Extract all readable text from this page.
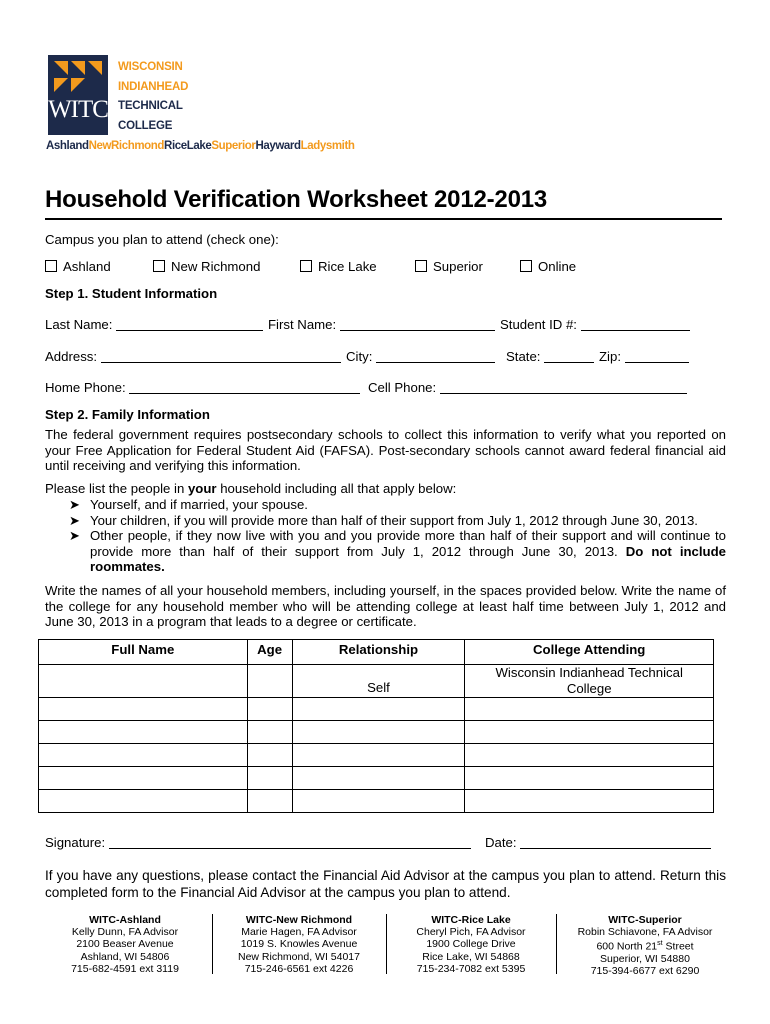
WITC
WISCONSIN
INDIANHEAD
TECHNICAL
COLLEGE
AshlandNewRichmondRiceLakeSuperiorHaywardLadysmith
Household Verification Worksheet 2012-2013
Campus you plan to attend (check one):
Ashland	New Richmond	Rice Lake	Superior	Online
Step 1. Student Information
Last Name:	First Name:	Student ID #:
Address:	City:	State:	Zip:
Home Phone:	Cell Phone:
Step 2. Family Information
The federal government requires postsecondary schools to collect this information to verify what you reported on your Free Application for Federal Student Aid (FAFSA). Post-secondary schools cannot award federal financial aid until receiving and verifying this information.
Please list the people in your household including all that apply below:
➤ Yourself, and if married, your spouse.
➤ Your children, if you will provide more than half of their support from July 1, 2012 through June 30, 2013.
➤ Other people, if they now live with you and you provide more than half of their support and will continue to provide more than half of their support from July 1, 2012 through June 30, 2013. Do not include roommates.
Write the names of all your household members, including yourself, in the spaces provided below. Write the name of the college for any household member who will be attending college at least half time between July 1, 2012 and June 30, 2013 in a program that leads to a degree or certificate.
Full Name	Age	Relationship	College Attending
		Self	Wisconsin Indianhead Technical
College

Signature:	Date:
If you have any questions, please contact the Financial Aid Advisor at the campus you plan to attend. Return this completed form to the Financial Aid Advisor at the campus you plan to attend.
WITC-Ashland
Kelly Dunn, FA Advisor
2100 Beaser Avenue
Ashland, WI 54806
715-682-4591 ext 3119
WITC-New Richmond
Marie Hagen, FA Advisor
1019 S. Knowles Avenue
New Richmond, WI 54017
715-246-6561 ext 4226
WITC-Rice Lake
Cheryl Pich, FA Advisor
1900 College Drive
Rice Lake, WI 54868
715-234-7082 ext 5395
WITC-Superior
Robin Schiavone, FA Advisor
600 North 21st Street
Superior, WI 54880
715-394-6677 ext 6290
